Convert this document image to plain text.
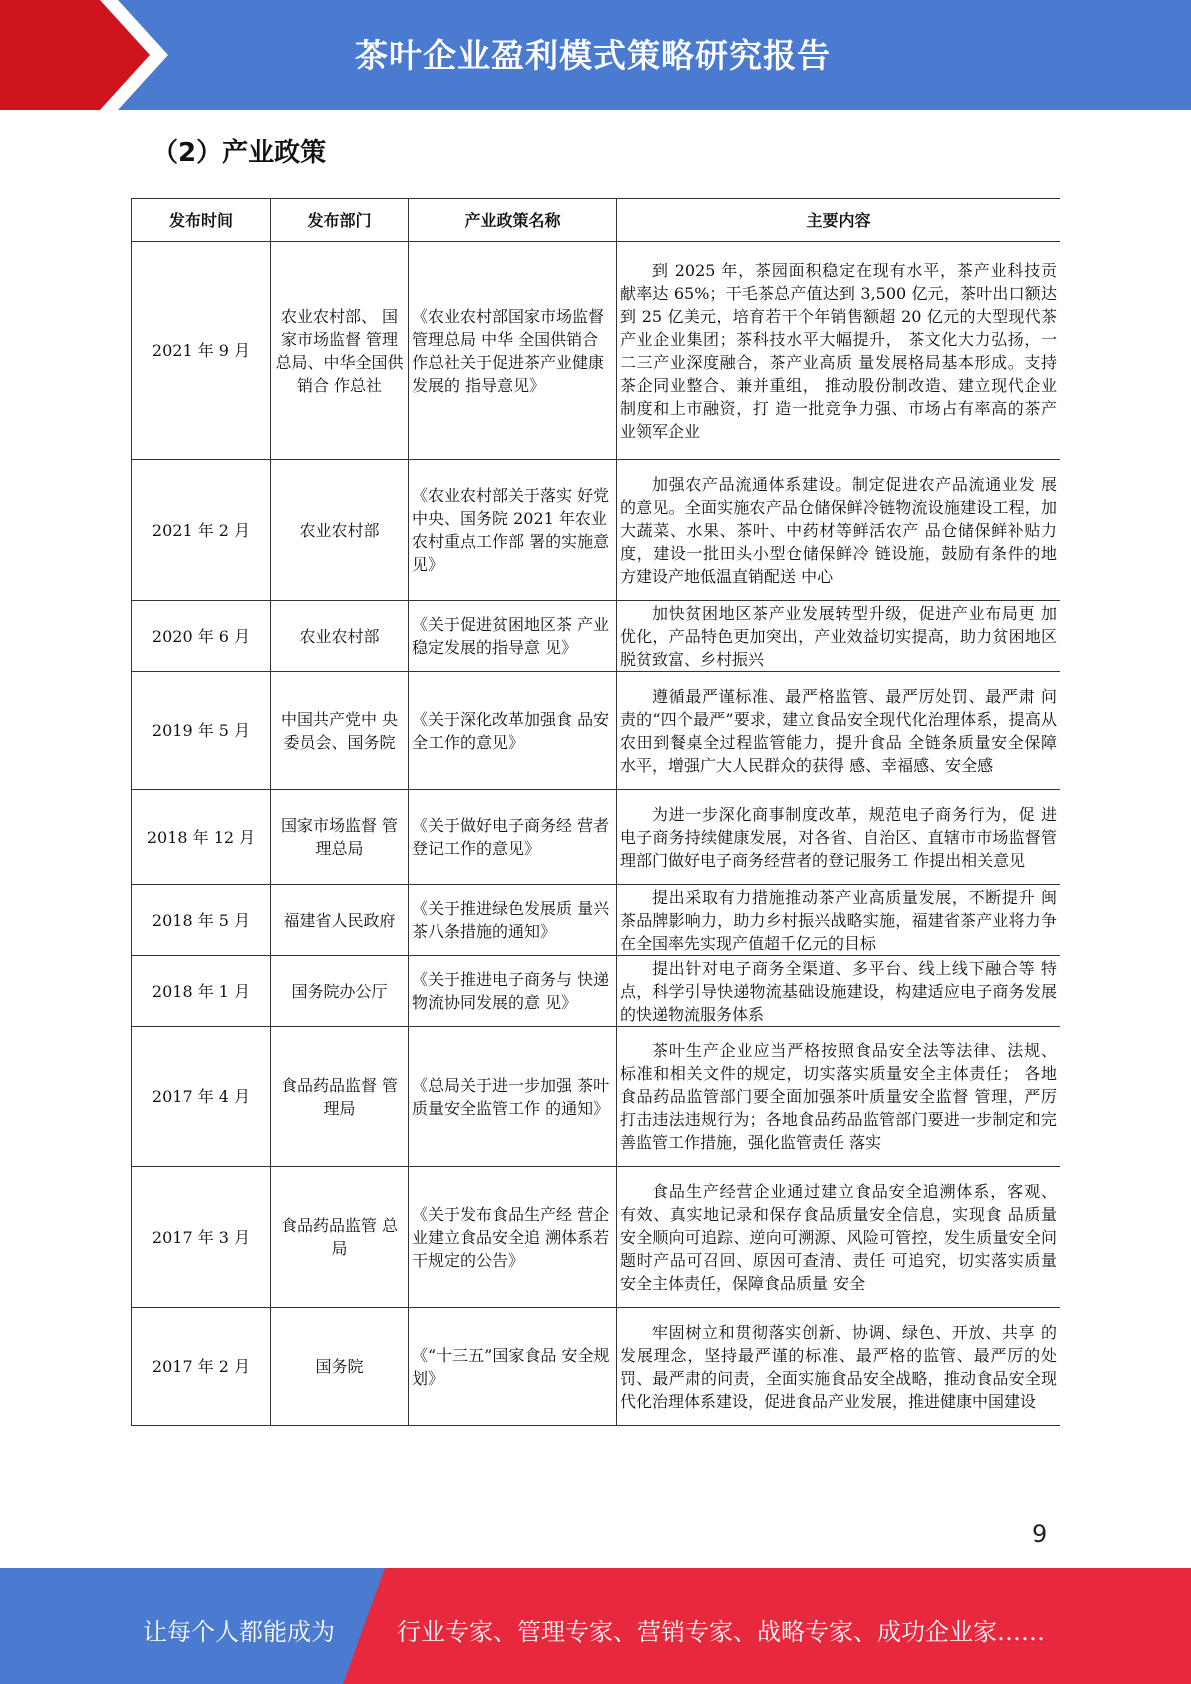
茶叶企业盈利模式策略研究报告
（2）产业政策
发布时间	发布部门	产业政策名称	主要内容
2021 年 9 月	农业农村部、 国家市场监督 管理总局、中华全国供销合 作总社	《农业农村部国家市场监督管理总局 中华 全国供销合作总社关于促进茶产业健康发展的 指导意见》	到 2025 年，茶园面积稳定在现有水平，茶产业科技贡 献率达 65%；干毛茶总产值达到 3,500 亿元，茶叶出口额达到 25 亿美元，培育若干个年销售额超 20 亿元的大型现代茶产业企业集团；茶科技水平大幅提升， 茶文化大力弘扬，一二三产业深度融合，茶产业高质 量发展格局基本形成。支持茶企同业整合、兼并重组， 推动股份制改造、建立现代企业制度和上市融资，打 造一批竞争力强、市场占有率高的茶产业领军企业
2021 年 2 月	农业农村部	《农业农村部关于落实 好党中央、国务院 2021 年农业农村重点工作部 署的实施意见》	加强农产品流通体系建设。制定促进农产品流通业发 展的意见。全面实施农产品仓储保鲜冷链物流设施建设工程，加大蔬菜、水果、茶叶、中药材等鲜活农产 品仓储保鲜补贴力度，建设一批田头小型仓储保鲜冷 链设施，鼓励有条件的地方建设产地低温直销配送 中心
2020 年 6 月	农业农村部	《关于促进贫困地区茶 产业稳定发展的指导意 见》	加快贫困地区茶产业发展转型升级，促进产业布局更 加优化，产品特色更加突出，产业效益切实提高，助力贫困地区脱贫致富、乡村振兴
2019 年 5 月	中国共产党中 央委员会、国务院	《关于深化改革加强食 品安全工作的意见》	遵循最严谨标准、最严格监管、最严厉处罚、最严肃 问责的“四个最严”要求，建立食品安全现代化治理体系，提高从农田到餐桌全过程监管能力，提升食品 全链条质量安全保障水平，增强广大人民群众的获得 感、幸福感、安全感
2018 年 12 月	国家市场监督 管理总局	《关于做好电子商务经 营者登记工作的意见》	为进一步深化商事制度改革，规范电子商务行为，促 进电子商务持续健康发展，对各省、自治区、直辖市市场监督管理部门做好电子商务经营者的登记服务工 作提出相关意见
2018 年 5 月	福建省人民政府	《关于推进绿色发展质 量兴茶八条措施的通知》	提出采取有力措施推动茶产业高质量发展，不断提升 闽茶品牌影响力，助力乡村振兴战略实施，福建省茶产业将力争在全国率先实现产值超千亿元的目标
2018 年 1 月	国务院办公厅	《关于推进电子商务与 快递物流协同发展的意 见》	提出针对电子商务全渠道、多平台、线上线下融合等 特点，科学引导快递物流基础设施建设，构建适应电子商务发展的快递物流服务体系
2017 年 4 月	食品药品监督 管理局	《总局关于进一步加强 茶叶质量安全监管工作 的通知》	茶叶生产企业应当严格按照食品安全法等法律、法规、 标准和相关文件的规定，切实落实质量安全主体责任； 各地食品药品监管部门要全面加强茶叶质量安全监督 管理，严厉打击违法违规行为；各地食品药品监管部门要进一步制定和完善监管工作措施，强化监管责任 落实
2017 年 3 月	食品药品监管 总局	《关于发布食品生产经 营企业建立食品安全追 溯体系若干规定的公告》	食品生产经营企业通过建立食品安全追溯体系，客观、 有效、真实地记录和保存食品质量安全信息，实现食 品质量安全顺向可追踪、逆向可溯源、风险可管控，发生质量安全问题时产品可召回、原因可查清、责任 可追究，切实落实质量安全主体责任，保障食品质量 安全
2017 年 2 月	国务院	《“十三五”国家食品 安全规划》	牢固树立和贯彻落实创新、协调、绿色、开放、共享 的发展理念，坚持最严谨的标准、最严格的监管、最严厉的处罚、最严肃的问责，全面实施食品安全战略，推动食品安全现代化治理体系建设，促进食品产业发展，推进健康中国建设
9
让每个人都能成为	行业专家、管理专家、营销专家、战略专家、成功企业家……
